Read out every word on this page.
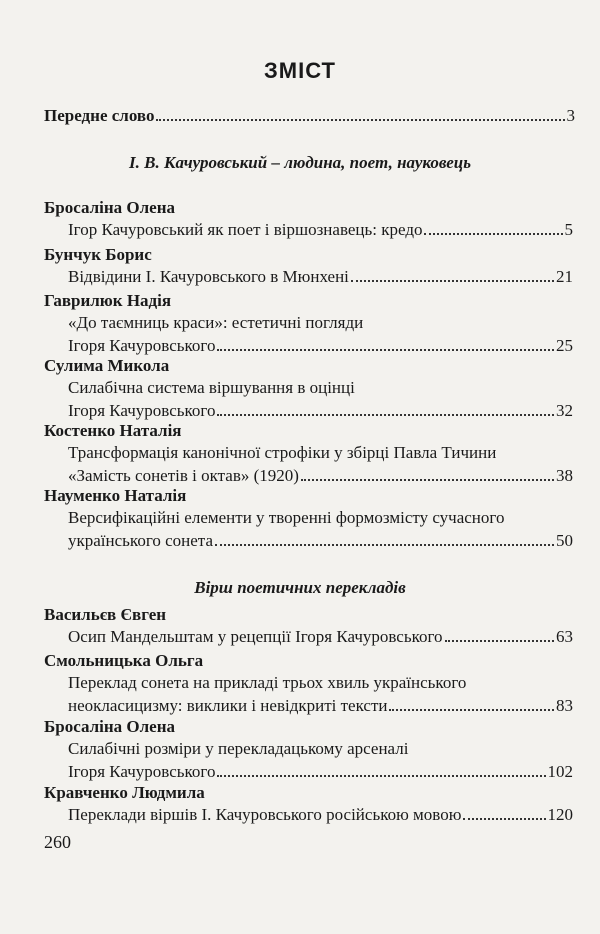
ЗМІСТ
Передне слово	3
І. В. Качуровський – людина, поет, науковець
Вірш поетичних перекладів
260
Бросаліна Олена
Ігор Качуровський як поет і віршознавець: кредо	5
Бунчук Борис
Відвідини І. Качуровського в Мюнхені	21
Гаврилюк Надія
«До таємниць краси»: естетичні погляди
Ігоря Качуровського	25
Сулима Микола
Силабічна система віршування в оцінці
Ігоря Качуровського	32
Костенко Наталія
Трансформація канонічної строфіки у збірці Павла Тичини
«Замість сонетів і октав» (1920)	38
Науменко Наталія
Версифікаційні елементи у творенні формозмісту сучасного
українського сонета	50
Васильєв Євген
Осип Мандельштам у рецепції Ігоря Качуровського	63
Смольницька Ольга
Переклад сонета на прикладі трьох хвиль українського
неокласицизму: виклики і невідкриті тексти	83
Бросаліна Олена
Силабічні розміри у перекладацькому арсеналі
Ігоря Качуровського	102
Кравченко Людмила
Переклади віршів І. Качуровського російською мовою	120
